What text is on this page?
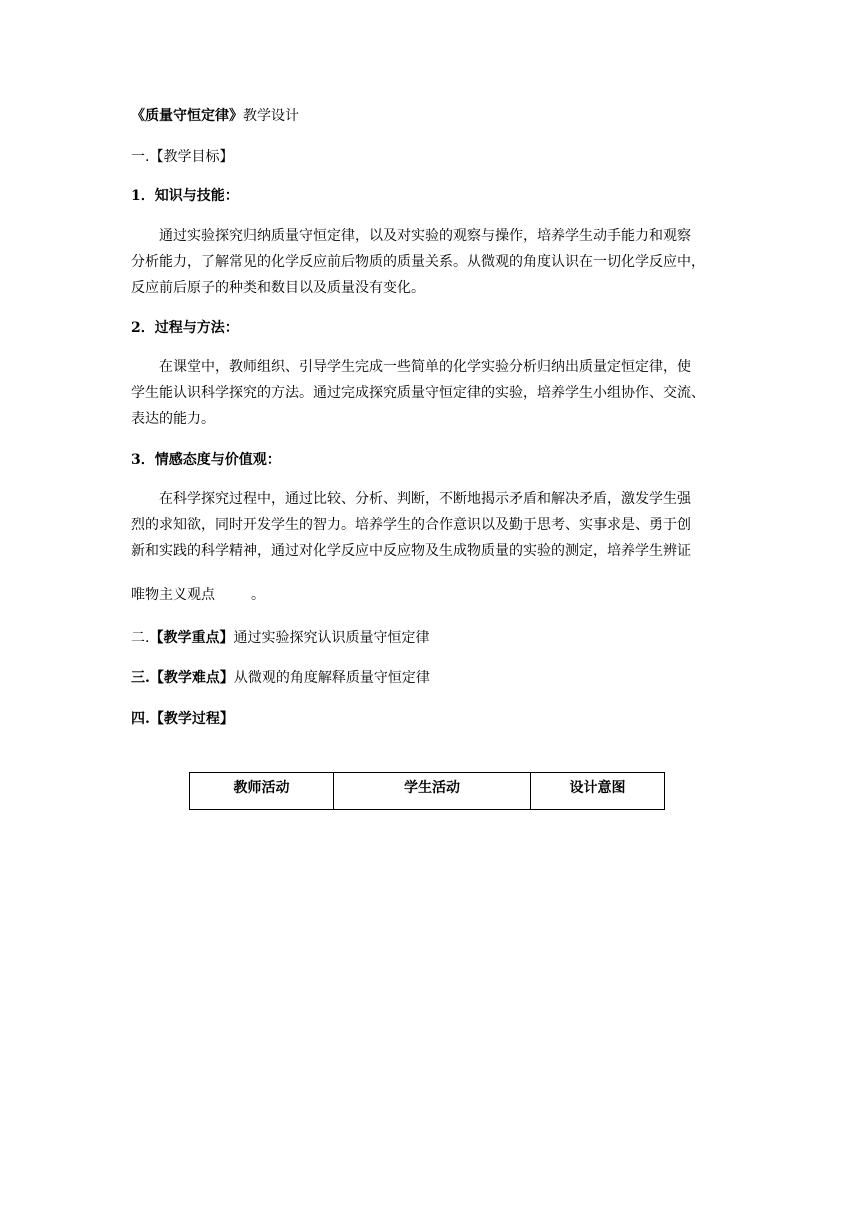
《质量守恒定律》教学设计
一.【教学目标】
1．知识与技能：
通过实验探究归纳质量守恒定律，以及对实验的观察与操作，培养学生动手能力和观察
分析能力，了解常见的化学反应前后物质的质量关系。从微观的角度认识在一切化学反应中，
反应前后原子的种类和数目以及质量没有变化。
2．过程与方法：
在课堂中，教师组织、引导学生完成一些简单的化学实验分析归纳出质量定恒定律，使
学生能认识科学探究的方法。通过完成探究质量守恒定律的实验，培养学生小组协作、交流、
表达的能力。
3．情感态度与价值观：
在科学探究过程中，通过比较、分析、判断，不断地揭示矛盾和解决矛盾，激发学生强
烈的求知欲，同时开发学生的智力。培养学生的合作意识以及勤于思考、实事求是、勇于创
新和实践的科学精神，通过对化学反应中反应物及生成物质量的实验的测定，培养学生辨证
唯物主义观点	。
二.【教学重点】通过实验探究认识质量守恒定律
三.【教学难点】从微观的角度解释质量守恒定律
四.【教学过程】
教师活动	学生活动	设计意图
